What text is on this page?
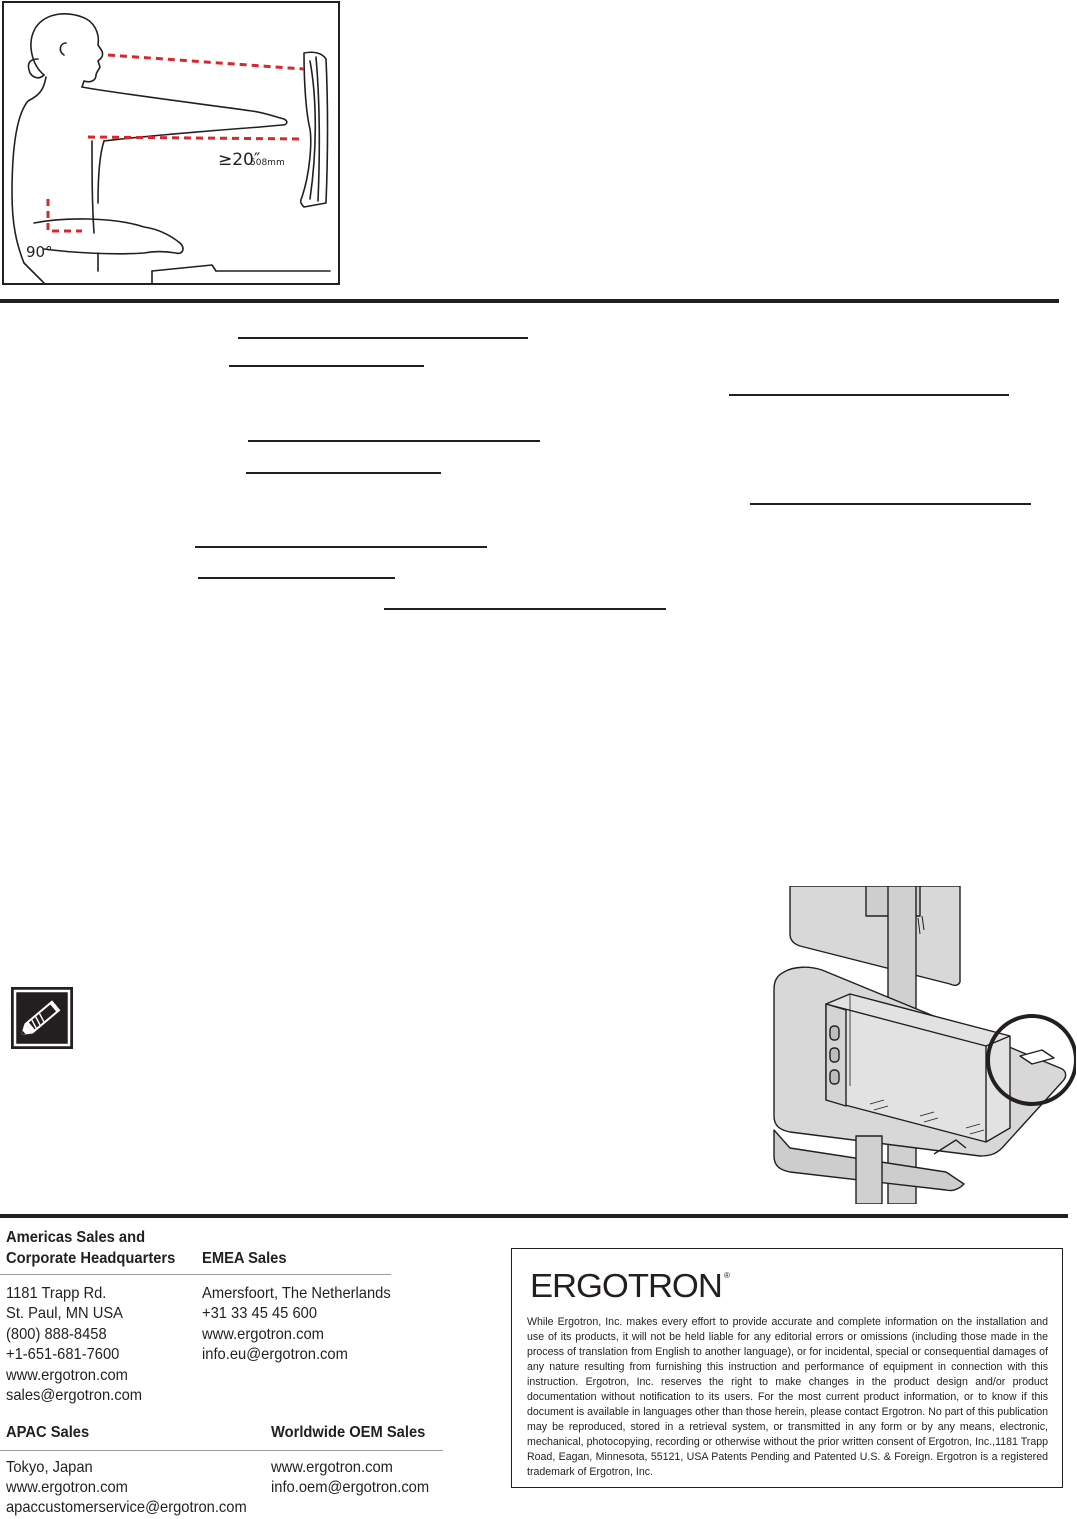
≥20″
508mm
90°
Americas Sales and
Corporate Headquarters EMEA Sales
1181 Trapp Rd.
St. Paul, MN USA
(800) 888-8458
+1-651-681-7600
www.ergotron.com
sales@ergotron.com
Amersfoort, The Netherlands
+31 33 45 45 600
www.ergotron.com
info.eu@ergotron.com
APAC Sales	Worldwide OEM Sales
Tokyo, Japan
www.ergotron.com
apaccustomerservice@ergotron.com
www.ergotron.com
info.oem@ergotron.com
ERGOTRON ®
While Ergotron, Inc. makes every effort to provide accurate and complete information on the installation and use of its products, it will not be held liable for any editorial errors or omissions (including those made in the process of translation from English to another language), or for incidental, special or consequential damages of any nature resulting from furnishing this instruction and performance of equipment in connection with this instruction. Ergotron, Inc. reserves the right to make changes in the product design and/or product documentation without notification to its users. For the most current product information, or to know if this document is available in languages other than those herein, please contact Ergotron. No part of this publication may be reproduced, stored in a retrieval system, or transmitted in any form or by any means, electronic, mechanical, photocopying, recording or otherwise without the prior written consent of Ergotron, Inc.,1181 Trapp Road, Eagan, Minnesota, 55121, USA Patents Pending and Patented U.S. & Foreign. Ergotron is a registered trademark of Ergotron, Inc.
